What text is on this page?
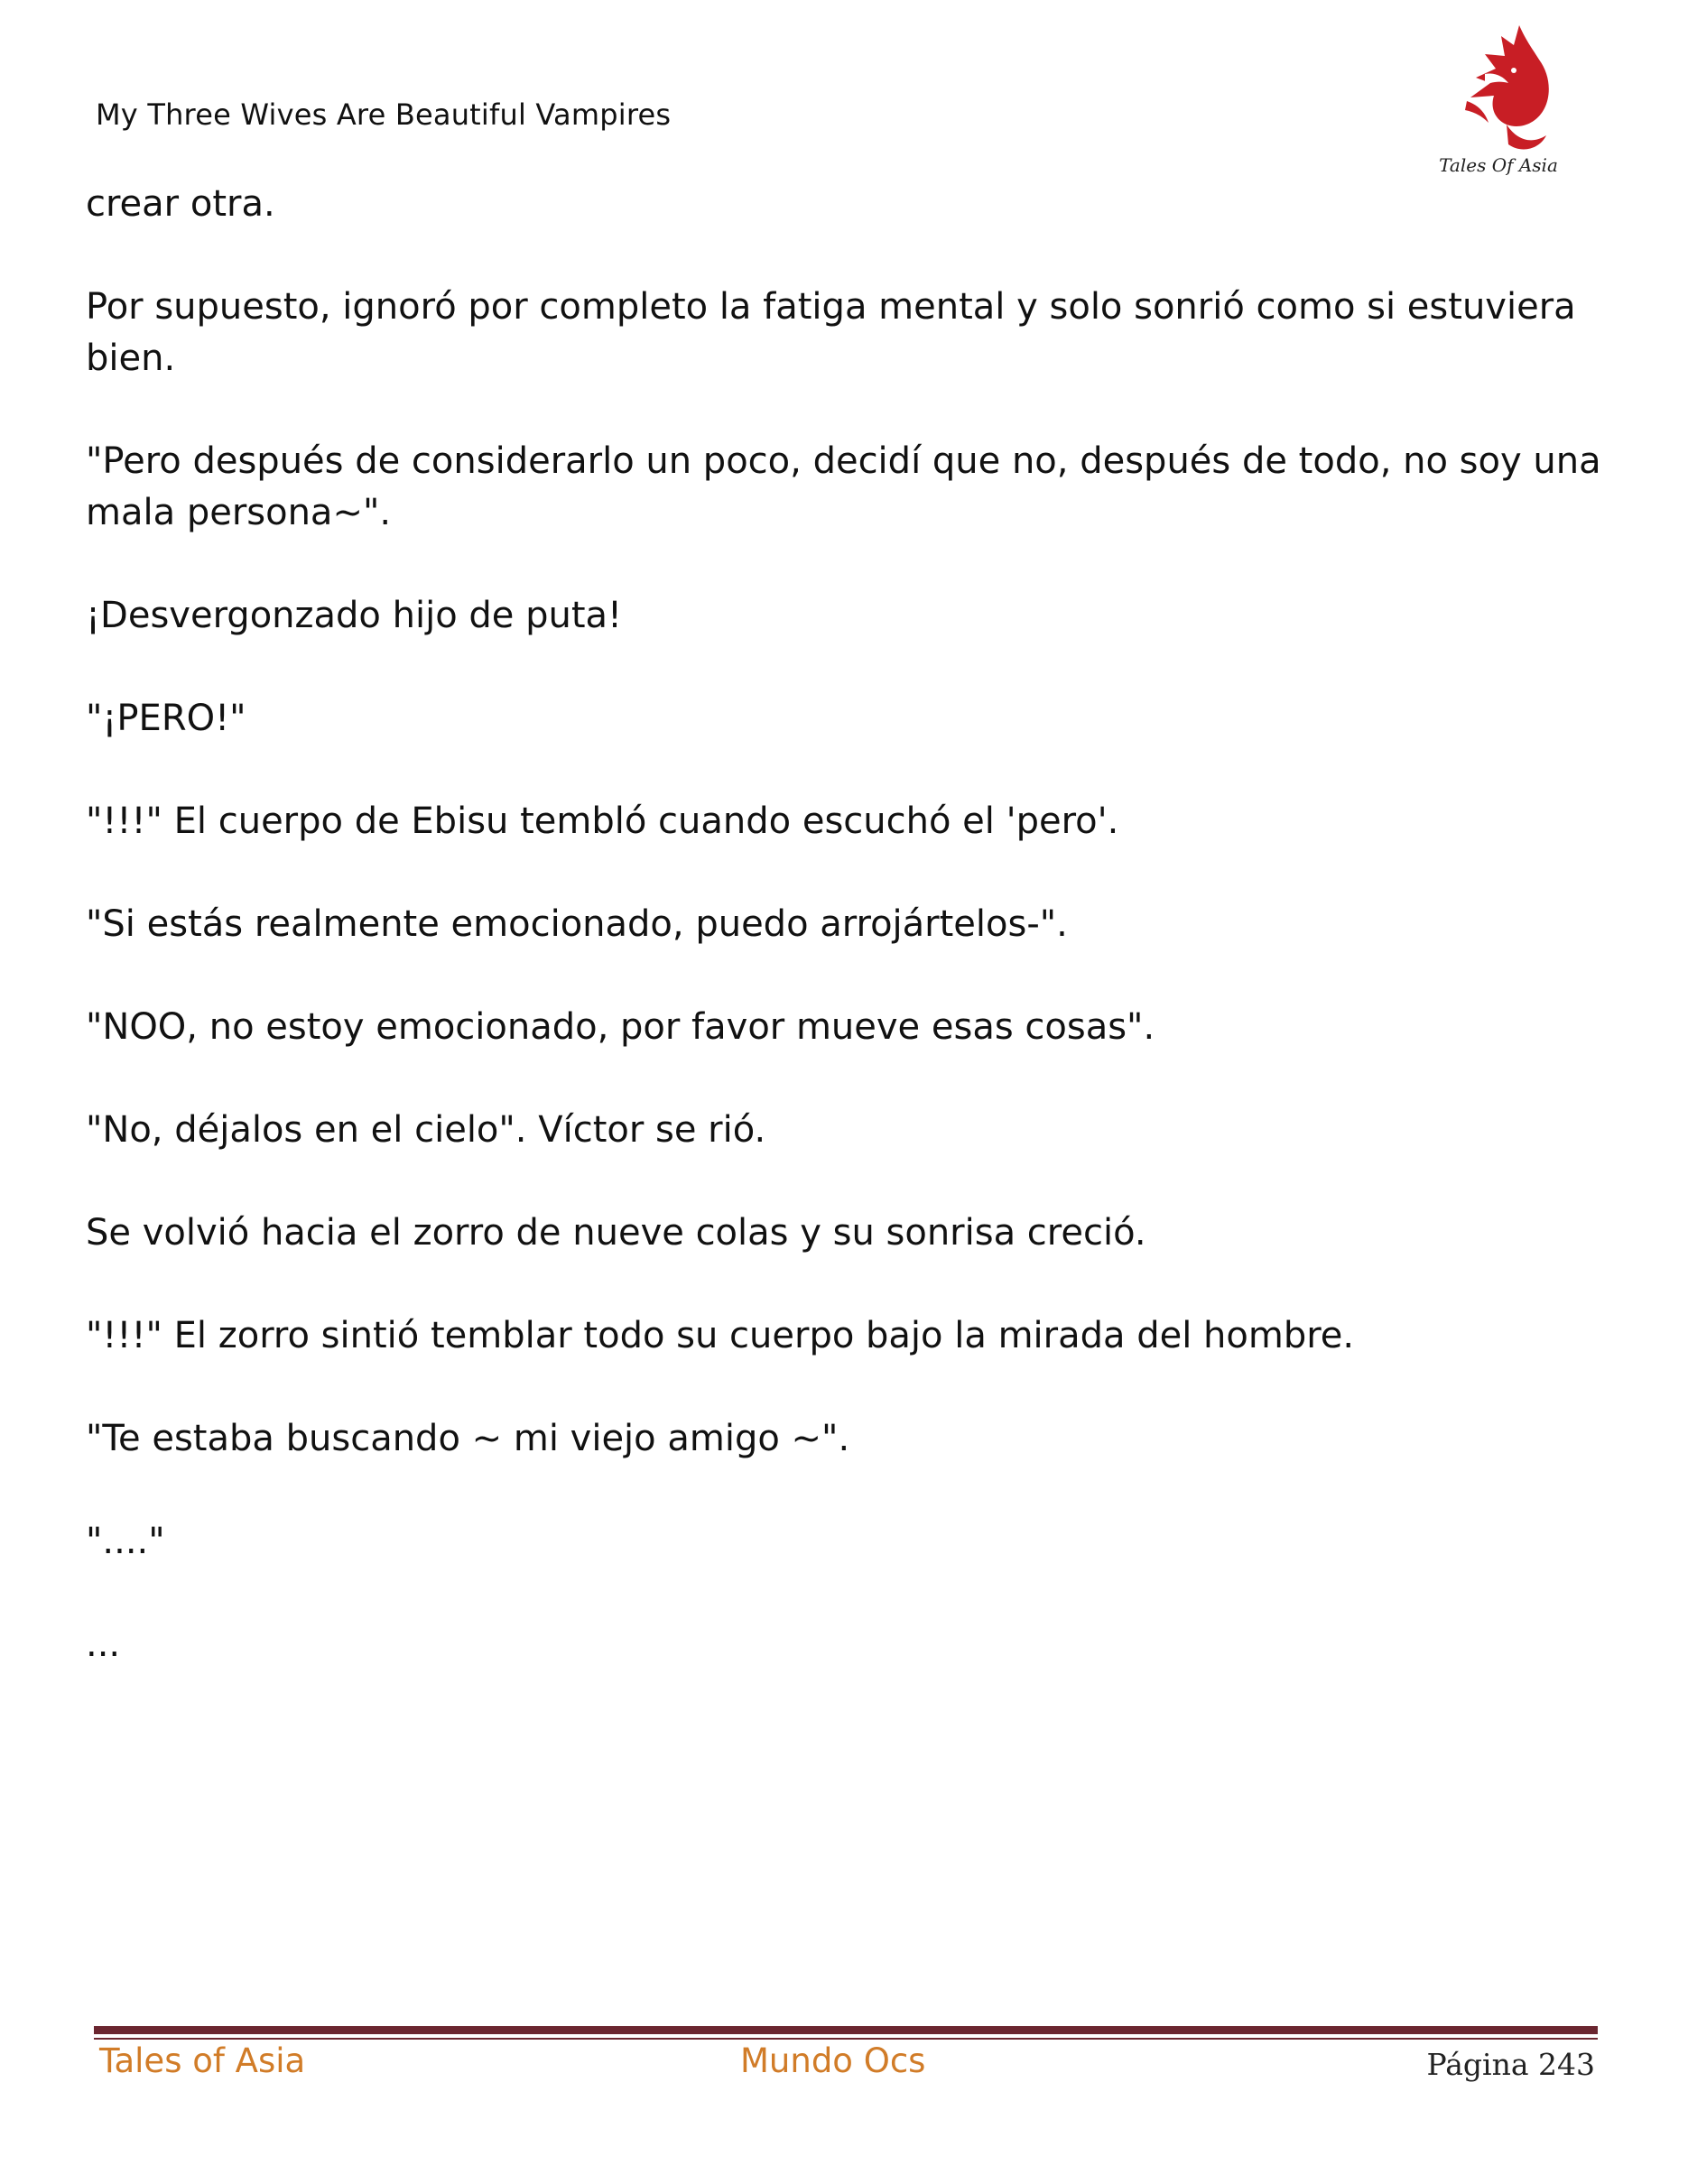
My Three Wives Are Beautiful Vampires
Tales Of Asia

crear otra.

Por supuesto, ignoró por completo la fatiga mental y solo sonrió como si estuviera bien.

"Pero después de considerarlo un poco, decidí que no, después de todo, no soy una mala persona~".

¡Desvergonzado hijo de puta!

"¡PERO!"

"!!!" El cuerpo de Ebisu tembló cuando escuchó el 'pero'.

"Si estás realmente emocionado, puedo arrojártelos-".

"NOO, no estoy emocionado, por favor mueve esas cosas".

"No, déjalos en el cielo". Víctor se rió.

Se volvió hacia el zorro de nueve colas y su sonrisa creció.

"!!!" El zorro sintió temblar todo su cuerpo bajo la mirada del hombre.

"Te estaba buscando ~ mi viejo amigo ~".

"...."

...

Tales of Asia	Mundo Ocs	Página 243
